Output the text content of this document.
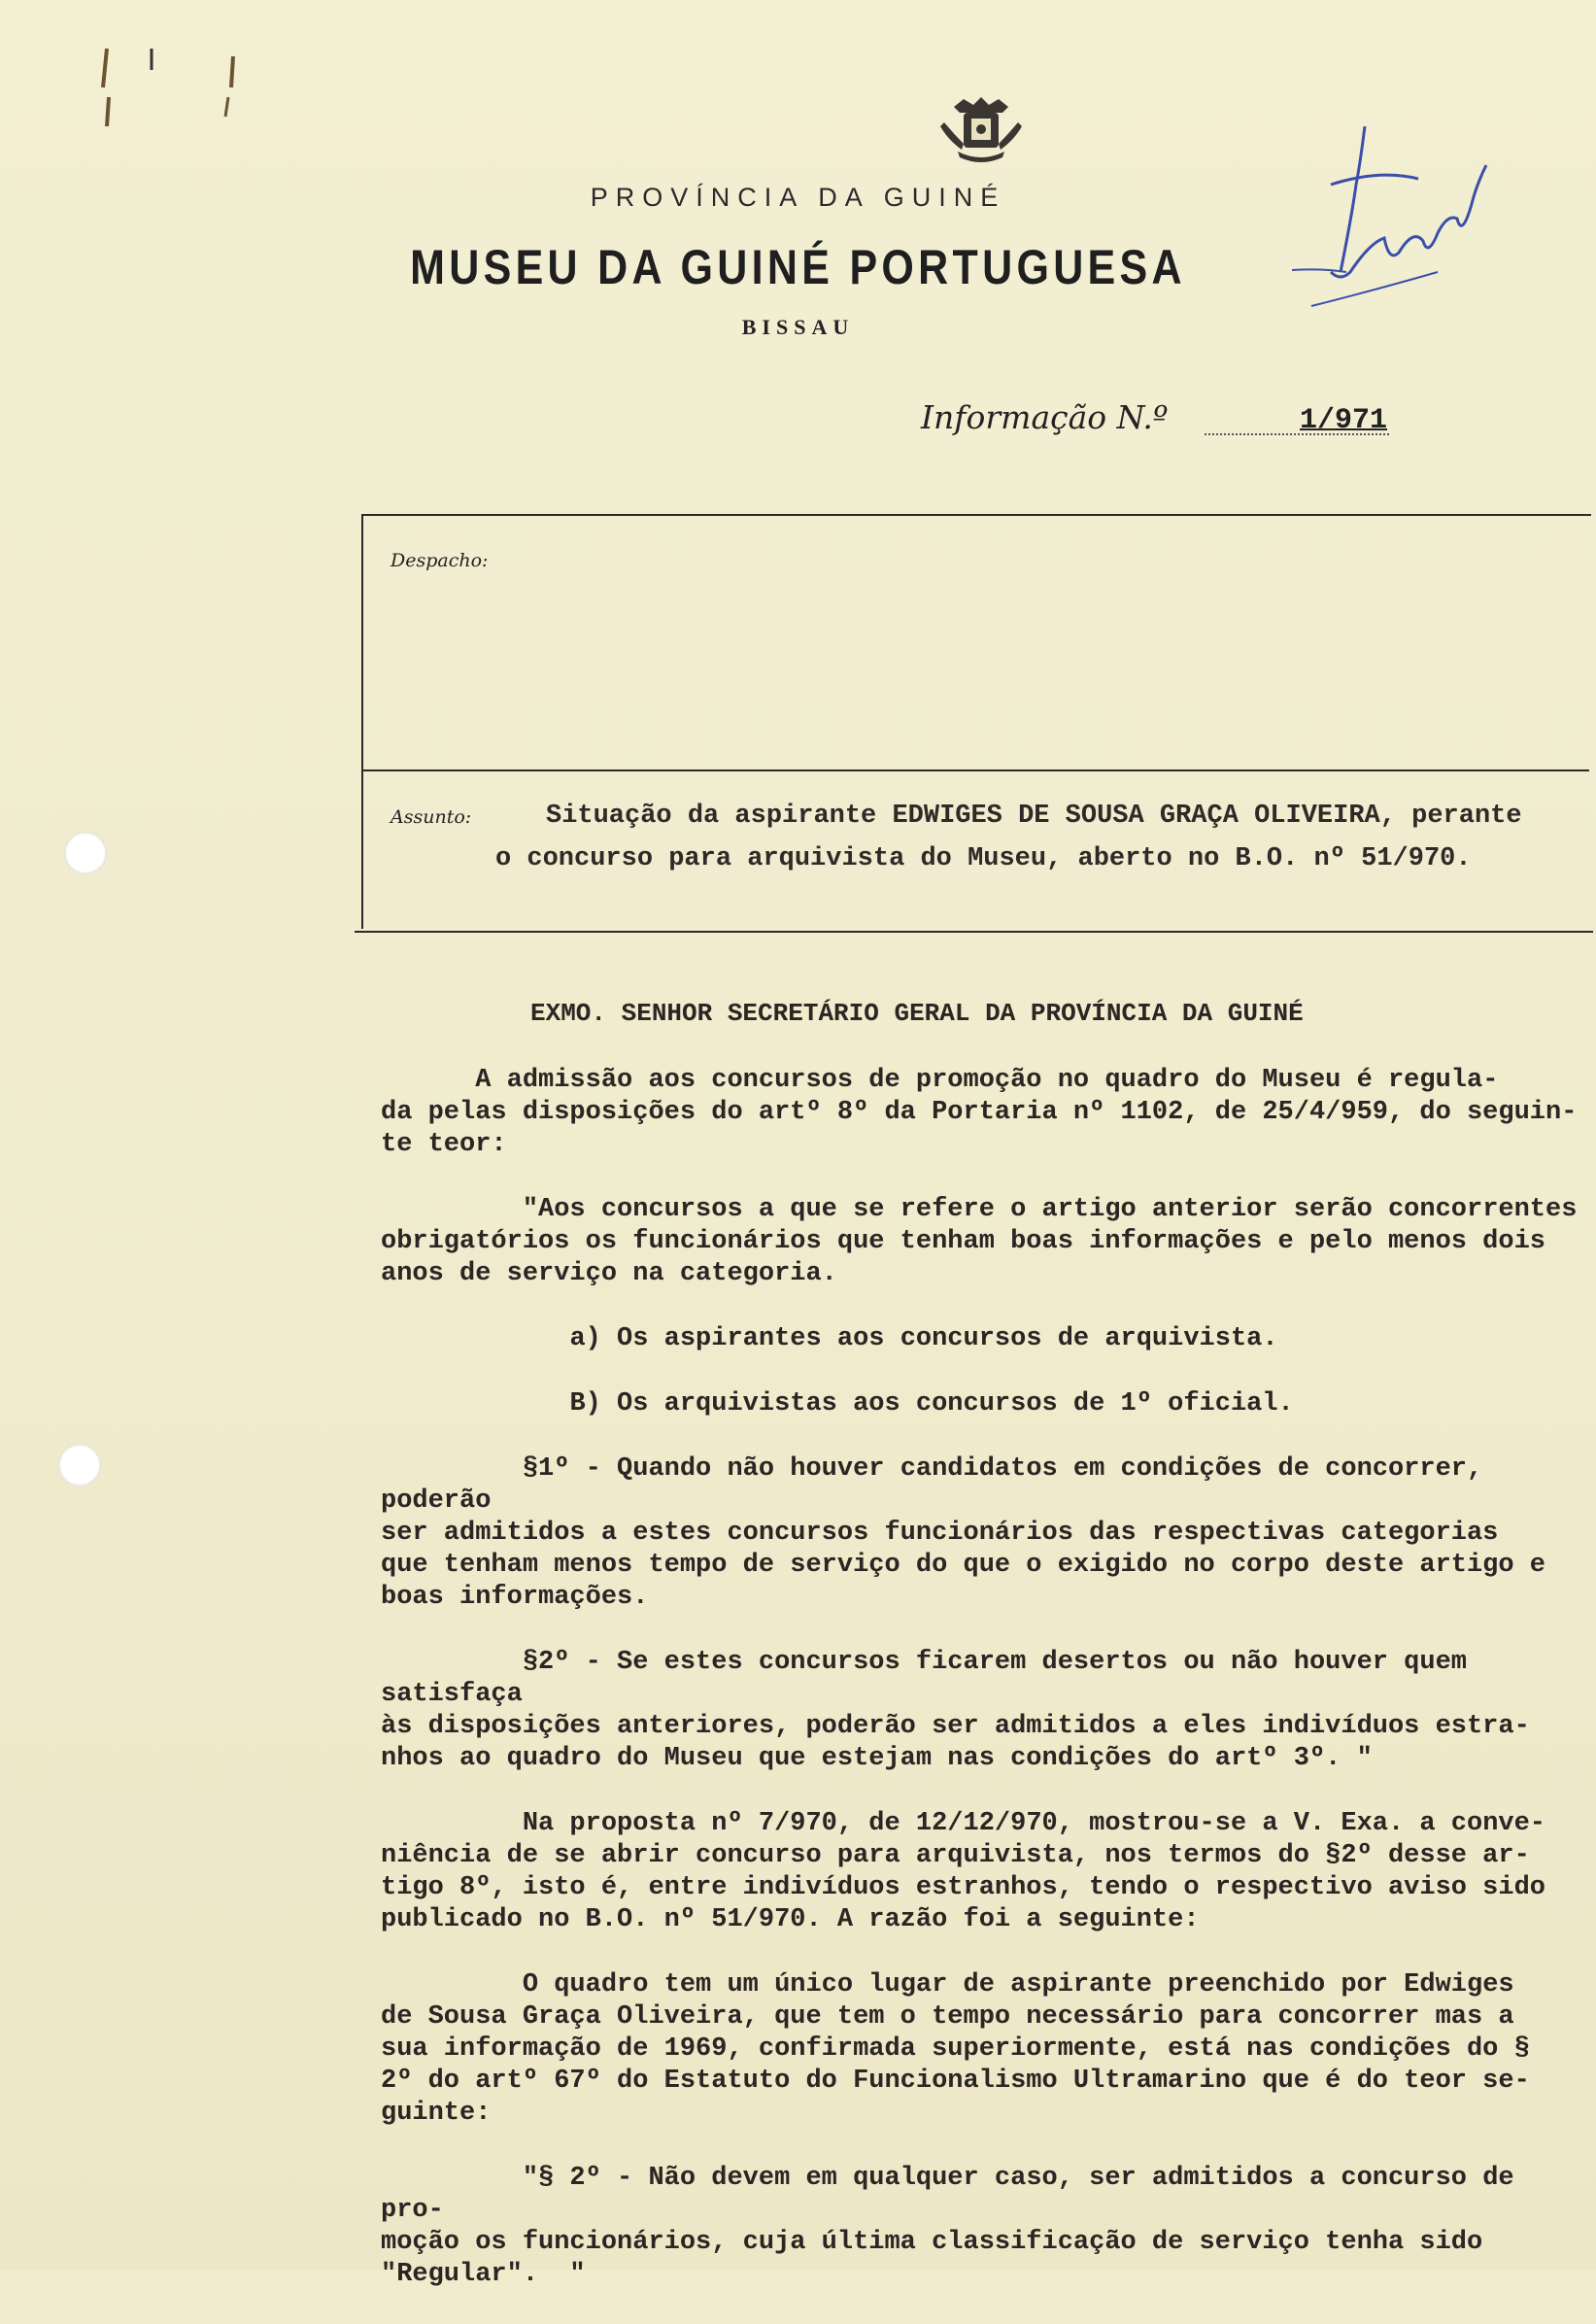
PROVÍNCIA DA GUINÉ
MUSEU DA GUINÉ PORTUGUESA
BISSAU
Informação N.º	1/971
Despacho:
Assunto:	Situação da aspirante EDWIGES DE SOUSA GRAÇA OLIVEIRA, perante
o concurso para arquivista do Museu, aberto no B.O. nº 51/970.
EXMO. SENHOR SECRETÁRIO GERAL DA PROVÍNCIA DA GUINÉ

A admissão aos concursos de promoção no quadro do Museu é regula-
da pelas disposições do artº 8º da Portaria nº 1102, de 25/4/959, do seguin-
te teor:

"Aos concursos a que se refere o artigo anterior serão concorrentes
obrigatórios os funcionários que tenham boas informações e pelo menos dois
anos de serviço na categoria.

a) Os aspirantes aos concursos de arquivista.

B) Os arquivistas aos concursos de 1º oficial.

§1º - Quando não houver candidatos em condições de concorrer, poderão
ser admitidos a estes concursos funcionários das respectivas categorias
que tenham menos tempo de serviço do que o exigido no corpo deste artigo e
boas informações.

§2º - Se estes concursos ficarem desertos ou não houver quem satisfaça
às disposições anteriores, poderão ser admitidos a eles indivíduos estra-
nhos ao quadro do Museu que estejam nas condições do artº 3º. "

Na proposta nº 7/970, de 12/12/970, mostrou-se a V. Exa. a conve-
niência de se abrir concurso para arquivista, nos termos do §2º desse ar-
tigo 8º, isto é, entre indivíduos estranhos, tendo o respectivo aviso sido
publicado no B.O. nº 51/970. A razão foi a seguinte:

O quadro tem um único lugar de aspirante preenchido por Edwiges
de Sousa Graça Oliveira, que tem o tempo necessário para concorrer mas a
sua informação de 1969, confirmada superiormente, está nas condições do §
2º do artº 67º do Estatuto do Funcionalismo Ultramarino que é do teor se-
guinte:

"§ 2º - Não devem em qualquer caso, ser admitidos a concurso de pro-
moção os funcionários, cuja última classificação de serviço tenha sido
"Regular".  "
